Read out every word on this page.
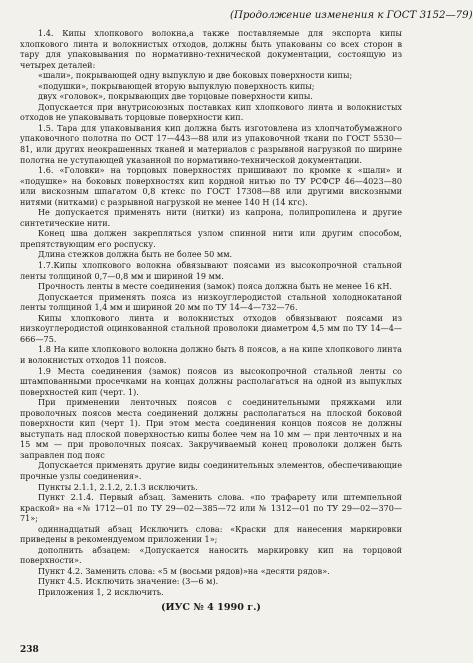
(Продолжение изменения к ГОСТ 3152—79)

1.4. Кипы хлопкового волокна,а также поставляемые для экспорта кипы хлопкового линта и волокнистых отходов, должны быть упакованы со всех сторон в тару для упаковывания по нормативно-технической документации, состоящую из четырех деталей:

«шали», покрывающей одну выпуклую и две боковых поверхности кипы;

«подушки», покрывающей вторую выпуклую поверхность кипы;

двух «головок», покрывающих две торцовые поверхности кипы.

Допускается при внутрисоюзных поставках кип хлопкового линта и волокнистых отходов не упаковывать торцовые поверхности кип.

1.5. Тара для упаковывания кип должна быть изготовлена из хлопчатобумажного упаковочного полотна по ОСТ 17—443—88 или из упаковочной ткани по ГОСТ 5530—81, или других неокрашенных тканей и материалов с разрывной нагрузкой по ширине полотна не уступающей указанной по нормативно-технической документации.

1.6. «Головки» на торцовых поверхностях пришивают по кромке к «шали» и «подушке» на боковых поверхностях кип кордной нитью по ТУ РСФСР 46—4023—80 или вискозным шпагатом 0,8 ктекс по ГОСТ 17308—88 или другими вискозными нитями (нитками) с разрывной нагрузкой не менее 140 Н (14 кгс).

Не допускается применять нити (нитки) из капрона, полипропилена и другие синтетические нити.

Конец шва должен закрепляться узлом спинной нити или другим способом, препятствующим его роспуску.

Длина стежков должна быть не более 50 мм.

1.7.Кипы хлопкового волокна обвязывают поясами из высокопрочной стальной ленты толщиной 0,7—0,8 мм и шириной 19 мм.

Прочность ленты в месте соединения (замок) пояса должна быть не менее 16 кН.

Допускается применять пояса из низкоуглеродистой стальной холоднокатаной ленты толщиной 1,4 мм и шириной 20 мм по ТУ 14—4—732—76.

Кипы хлопкового линта и волокнистых отходов обвязывают поясами из низкоуглеродистой оцинкованной стальной проволоки диаметром 4,5 мм по ТУ 14—4—666—75.

1.8 На кипе хлопкового волокна должно быть 8 поясов, а на кипе хлопкового линта и волокнистых отходов 11 поясов.

1.9 Места соединения (замок) поясов из высокопрочной стальной ленты со штампованными просечками на концах должны располагаться на одной из выпуклых поверхностей кип (черт. 1).

При применении ленточных поясов с соединительными пряжками или проволочных поясов места соединений должны располагаться на плоской боковой поверхности кип (черт 1). При этом места соединения концов поясов не должны выступать над плоской поверхностью кипы более чем на 10 мм — при ленточных и на 15 мм — при проволочных поясах. Закручиваемый конец проволоки должен быть заправлен под пояс

Допускается применять другие виды соединительных элементов, обеспечивающие прочные узлы соединения».

Пункты 2.1.1, 2.1.2, 2.1.3 исключить.

Пункт 2.1.4. Первый абзац. Заменить слова. «по трафарету или штемпельной краской» на «№ 1712—01 по ТУ 29—02—385—72 или № 1312—01 по ТУ 29—02—370—71»;

одиннадцатый абзац Исключить слова: «Краски для нанесения маркировки приведены в рекомендуемом приложении 1»;

дополнить абзацем: «Допускается наносить маркировку кип на торцовой поверхности».

Пункт 4.2. Заменить слова: «5 м (восьми рядов)»на «десяти рядов».

Пункт 4.5. Исключить значение: (3—6 м).

Приложения 1, 2 исключить.

(ИУС № 4 1990 г.)
238
